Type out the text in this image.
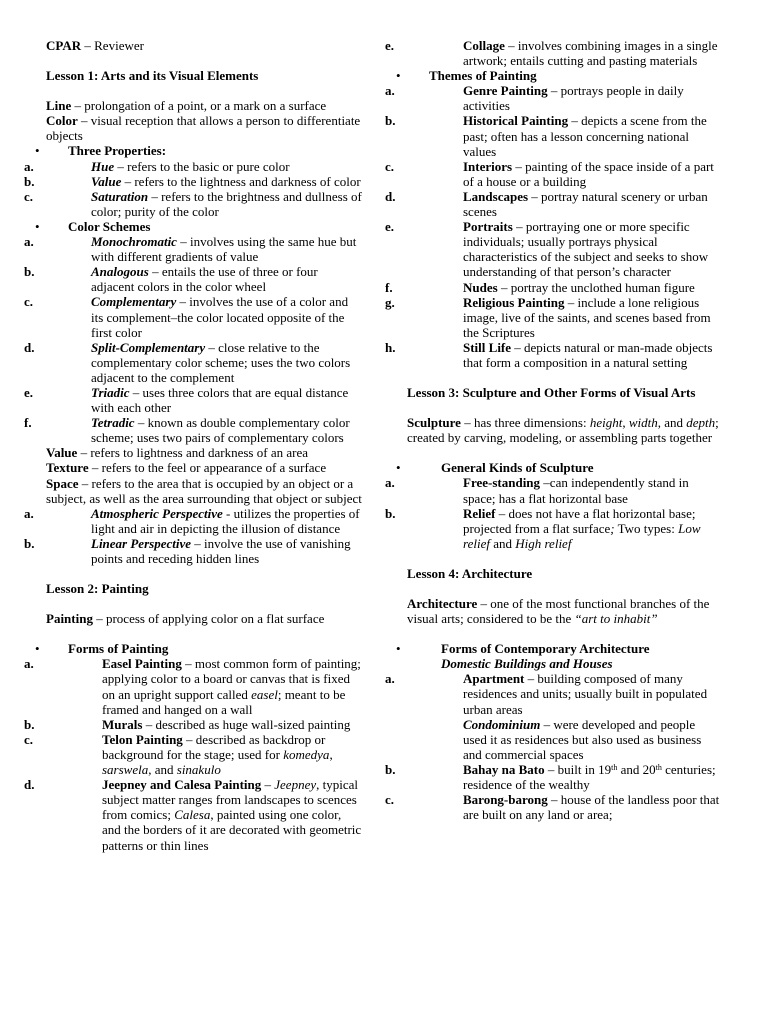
CPAR – Reviewer

Lesson 1: Arts and its Visual Elements

Line – prolongation of a point, or a mark on a surface

Color – visual reception that allows a person to differentiate objects

• Three Properties:

a.	Hue – refers to the basic or pure color

b.	Value – refers to the lightness and darkness of color

c.	Saturation – refers to the brightness and dullness of color; purity of the color

• Color Schemes

a.	Monochromatic – involves using the same hue but with different gradients of value

b.	Analogous – entails the use of three or four adjacent colors in the color wheel

c.	Complementary – involves the use of a color and its complement–the color located opposite of the first color

d.	Split-Complementary – close relative to the complementary color scheme; uses the two colors adjacent to the complement

e.	Triadic – uses three colors that are equal distance with each other

f.	Tetradic – known as double complementary color scheme; uses two pairs of complementary colors

Value – refers to lightness and darkness of an area

Texture – refers to the feel or appearance of a surface

Space – refers to the area that is occupied by an object or a subject, as well as the area surrounding that object or subject

a.	Atmospheric Perspective - utilizes the properties of light and air in depicting the illusion of distance

b.	Linear Perspective – involve the use of vanishing points and receding hidden lines

Lesson 2: Painting

Painting – process of applying color on a flat surface

• Forms of Painting

a.	Easel Painting – most common form of painting; applying color to a board or canvas that is fixed on an upright support called easel; meant to be framed and hanged on a wall

b.	Murals – described as huge wall-sized painting

c.	Telon Painting – described as backdrop or background for the stage; used for komedya, sarswela, and sinakulo

d.	Jeepney and Calesa Painting – Jeepney, typical subject matter ranges from landscapes to scences from comics; Calesa, painted using one color, and the borders of it are decorated with geometric patterns or thin lines

e.	Collage – involves combining images in a single artwork; entails cutting and pasting materials

• Themes of Painting

a.	Genre Painting – portrays people in daily activities

b.	Historical Painting – depicts a scene from the past; often has a lesson concerning national values

c.	Interiors – painting of the space inside of a part of a house or a building

d.	Landscapes – portray natural scenery or urban scenes

e.	Portraits – portraying one or more specific individuals; usually portrays physical characteristics of the subject and seeks to show understanding of that person’s character

f.	Nudes – portray the unclothed human figure

g.	Religious Painting – include a lone religious image, live of the saints, and scenes based from the Scriptures

h.	Still Life – depicts natural or man-made objects that form a composition in a natural setting

Lesson 3: Sculpture and Other Forms of Visual Arts

Sculpture – has three dimensions: height, width, and depth; created by carving, modeling, or assembling parts together

• General Kinds of Sculpture

a.	Free-standing –can independently stand in space; has a flat horizontal base

b.	Relief – does not have a flat horizontal base; projected from a flat surface; Two types: Low relief and High relief

Lesson 4: Architecture

Architecture – one of the most functional branches of the visual arts; considered to be the “art to inhabit”

• Forms of Contemporary Architecture

Domestic Buildings and Houses

a.	Apartment – building composed of many residences and units; usually built in populated urban areas

Condominium – were developed and people used it as residences but also used as business and commercial spaces

b.	Bahay na Bato – built in 19th and 20th centuries; residence of the wealthy

c.	Barong-barong – house of the landless poor that are built on any land or area;
